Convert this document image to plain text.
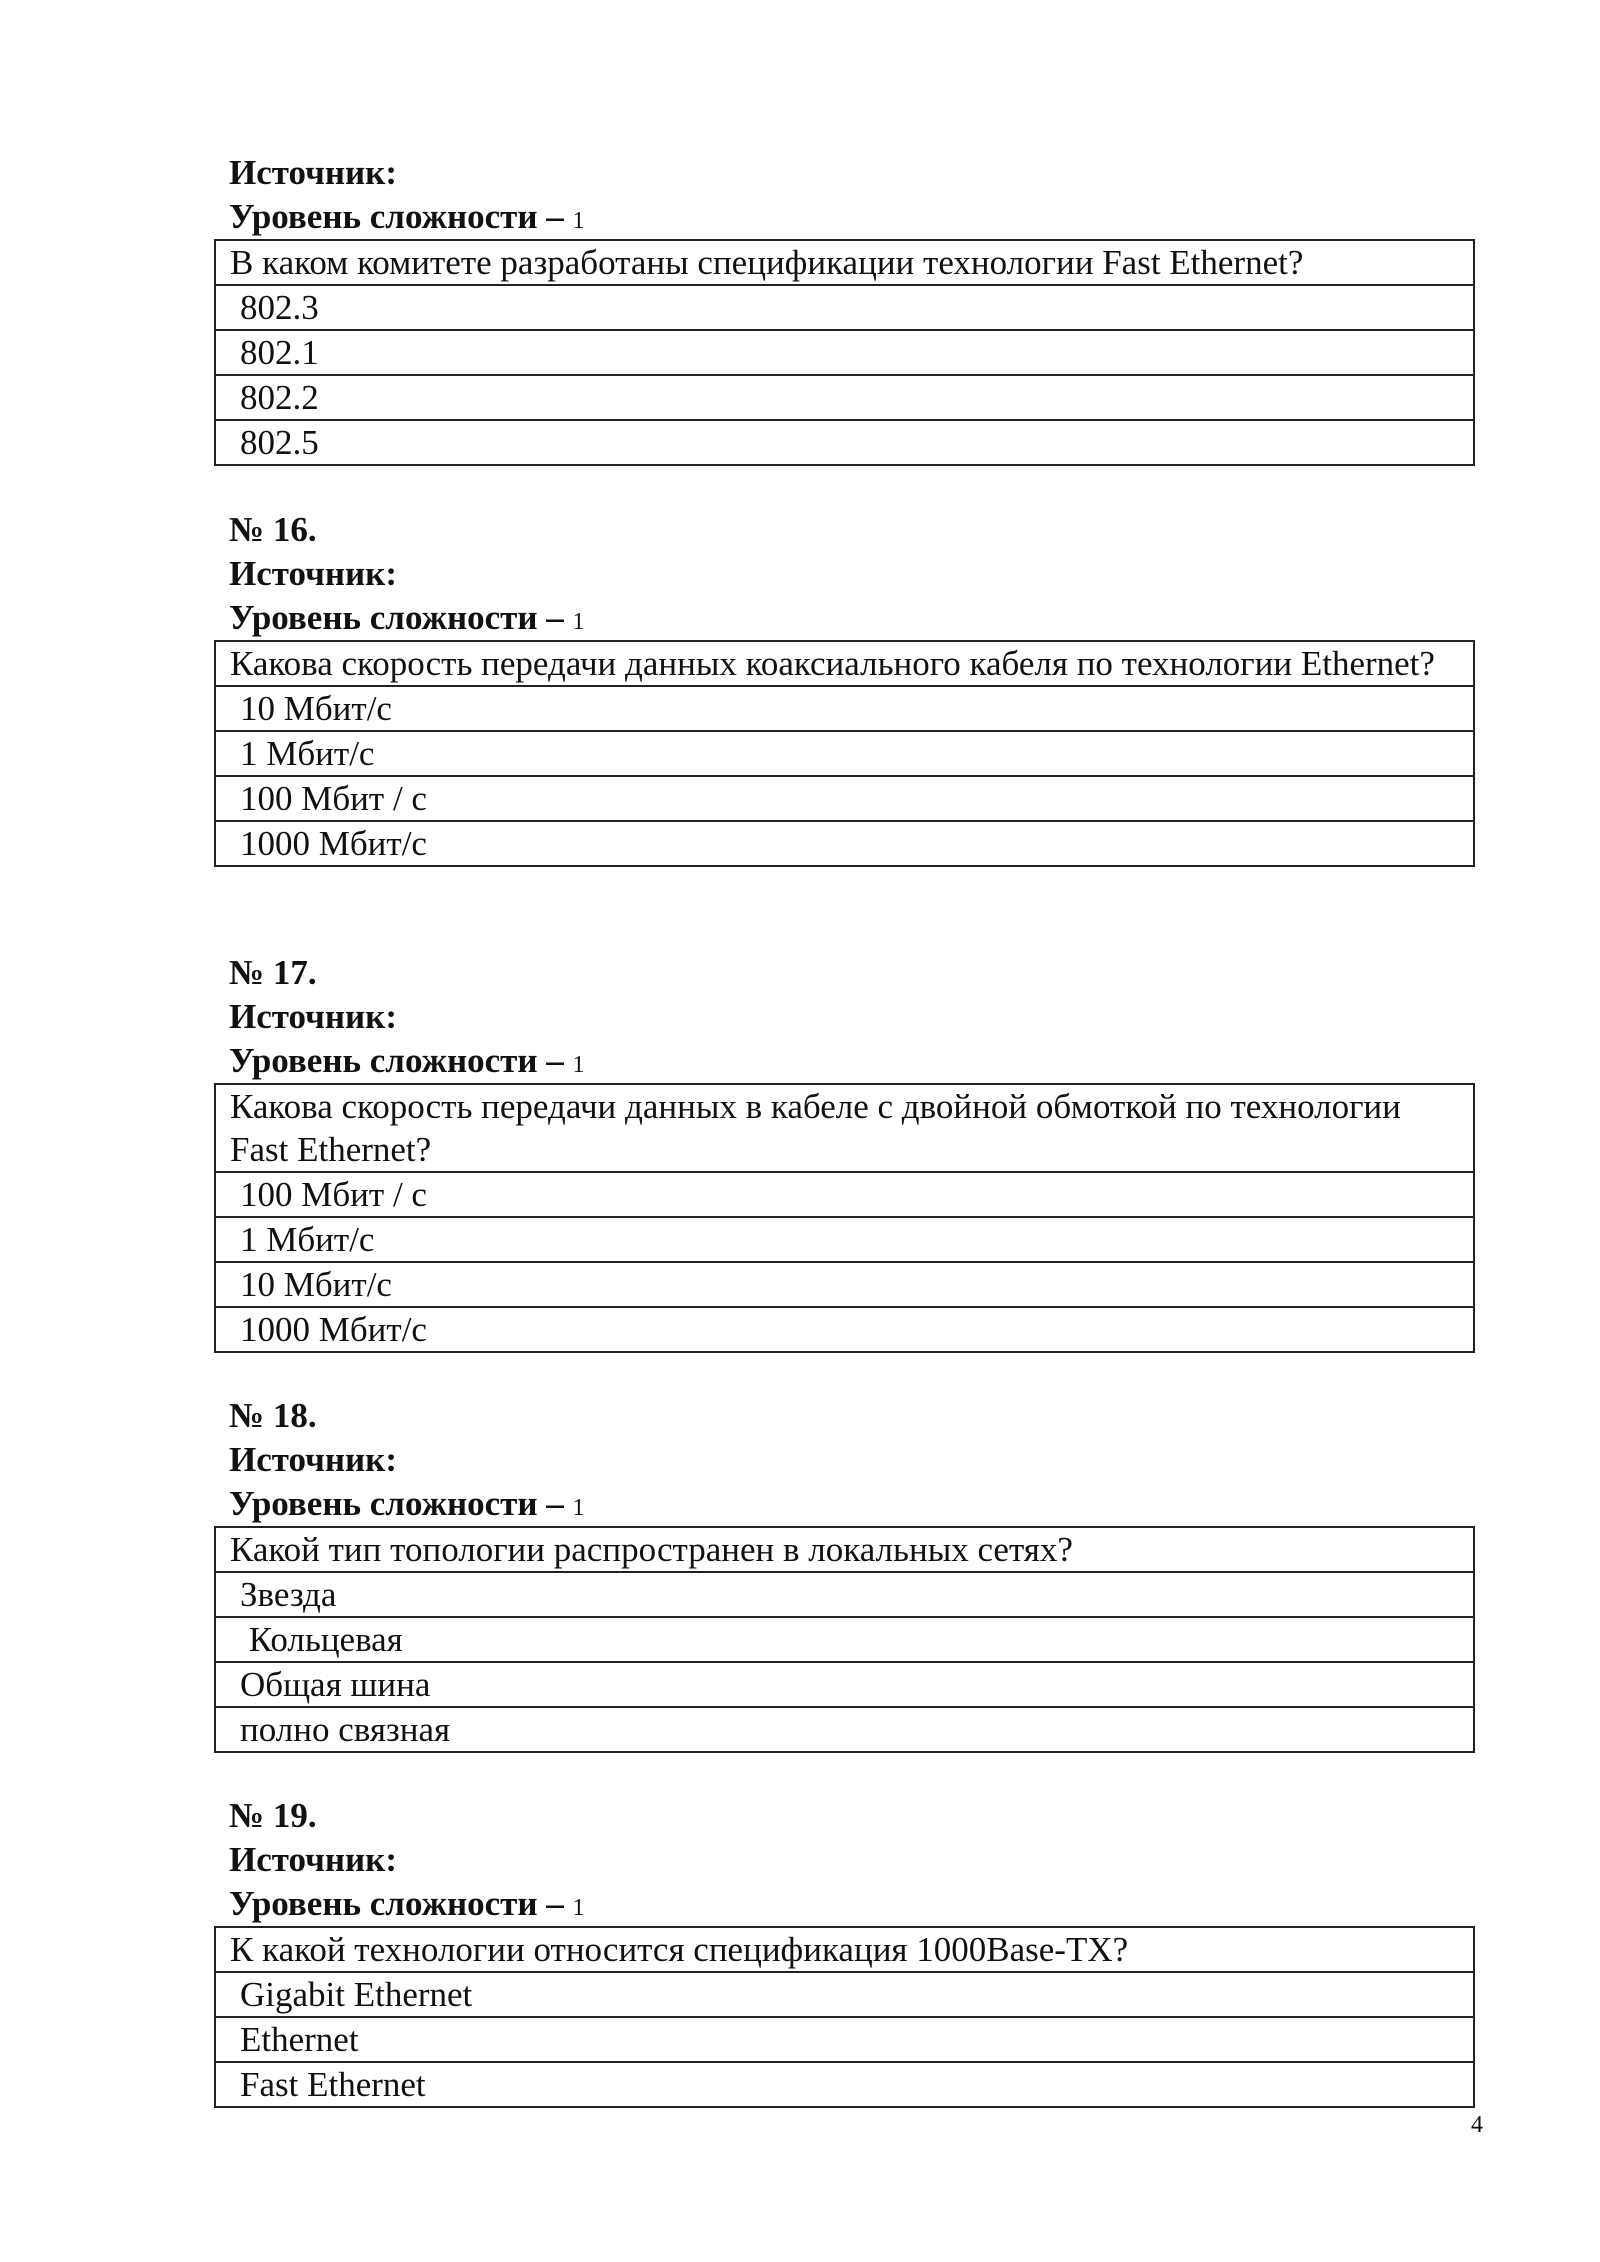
Источник:
Уровень сложности – 1
В каком комитете разработаны спецификации технологии Fast Ethernet?
802.3
802.1
802.2
802.5
№ 16.
Источник:
Уровень сложности – 1
Какова скорость передачи данных коаксиального кабеля по технологии Ethernet?
10 Мбит/с
1 Мбит/с
100 Мбит / с
1000 Мбит/с
№ 17.
Источник:
Уровень сложности – 1
Какова скорость передачи данных в кабеле с двойной обмоткой по технологии Fast Ethernet?
100 Мбит / с
1 Мбит/с
10 Мбит/с
1000 Мбит/с
№ 18.
Источник:
Уровень сложности – 1
Какой тип топологии распространен в локальных сетях?
Звезда
Кольцевая
Общая шина
полно связная
№ 19.
Источник:
Уровень сложности – 1
К какой технологии относится спецификация 1000Base-TX?
Gigabit Ethernet
Ethernet
Fast Ethernet
4
